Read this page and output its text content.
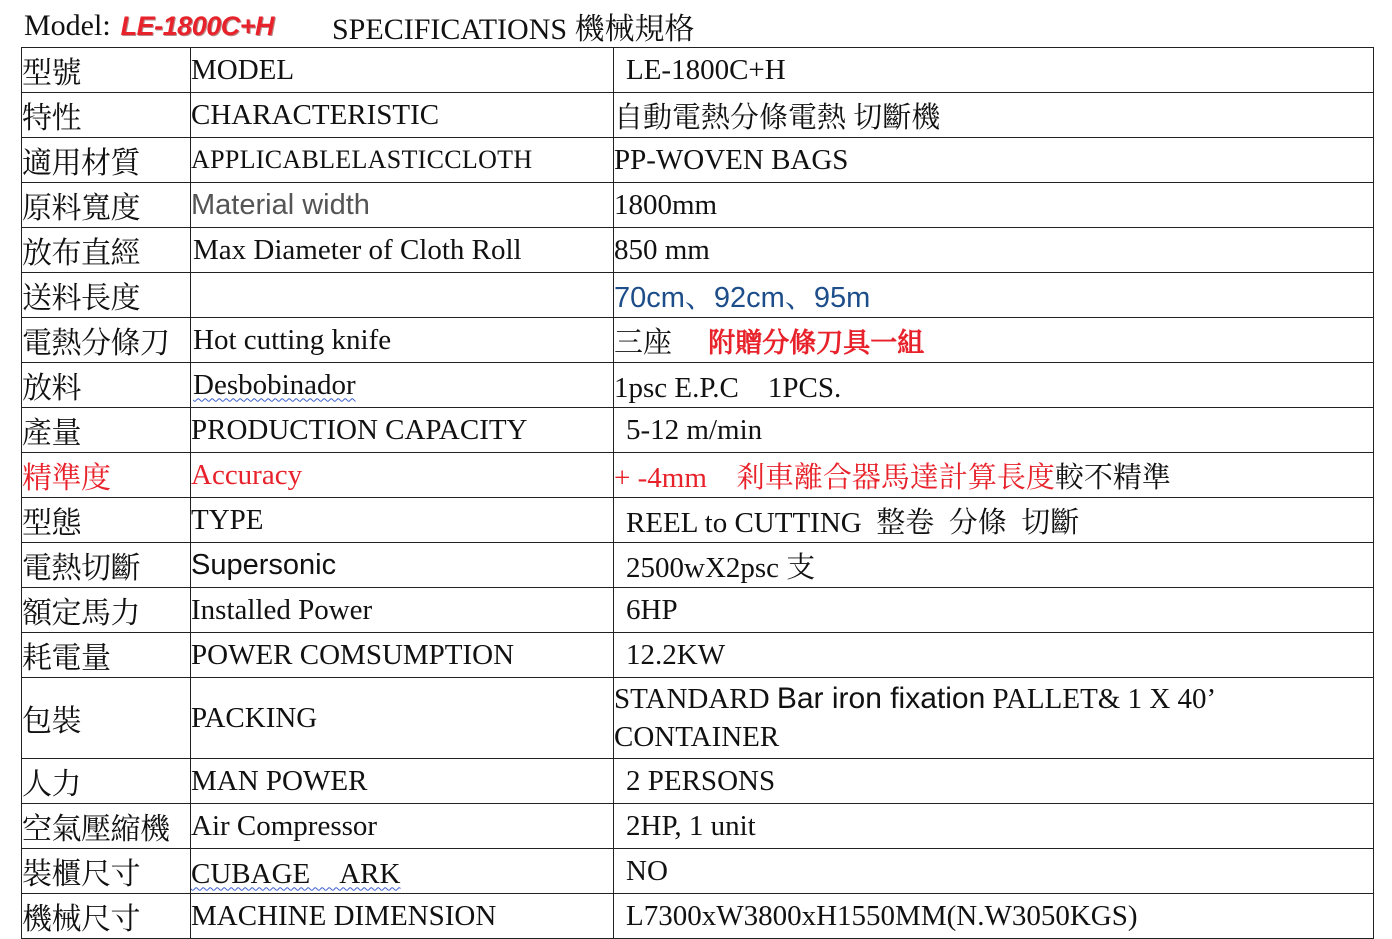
Model: LE-1800C+H SPECIFICATIONS 機械規格
型號	MODEL	LE-1800C+H
特性	CHARACTERISTIC	自動電熱分條電熱 切斷機
適用材質	APPLICABLELASTICCLOTH	PP-WOVEN BAGS
原料寬度	Material width	1800mm
放布直經	Max Diameter of Cloth Roll	850 mm
送料長度		70cm、92cm、95m
電熱分條刀	Hot cutting knife	三座　 附贈分條刀具一組
放料	Desbobinador	1psc E.P.C　1PCS.
產量	PRODUCTION CAPACITY	5-12 m/min
精準度	Accuracy	+ -4mm　剎車離合器馬達計算長度較不精準
型態	TYPE	REEL to CUTTING  整卷  分條  切斷
電熱切斷	Supersonic	2500wX2psc 支
額定馬力	Installed Power	6HP
耗電量	POWER COMSUMPTION	12.2KW
包裝	PACKING	STANDARD Bar iron fixation PALLET& 1 X 40’ CONTAINER
人力	MAN POWER	2 PERSONS
空氣壓縮機	Air Compressor	2HP, 1 unit
裝櫃尺寸	CUBAGE　ARK	NO
機械尺寸	MACHINE DIMENSION	L7300xW3800xH1550MM(N.W3050KGS)
